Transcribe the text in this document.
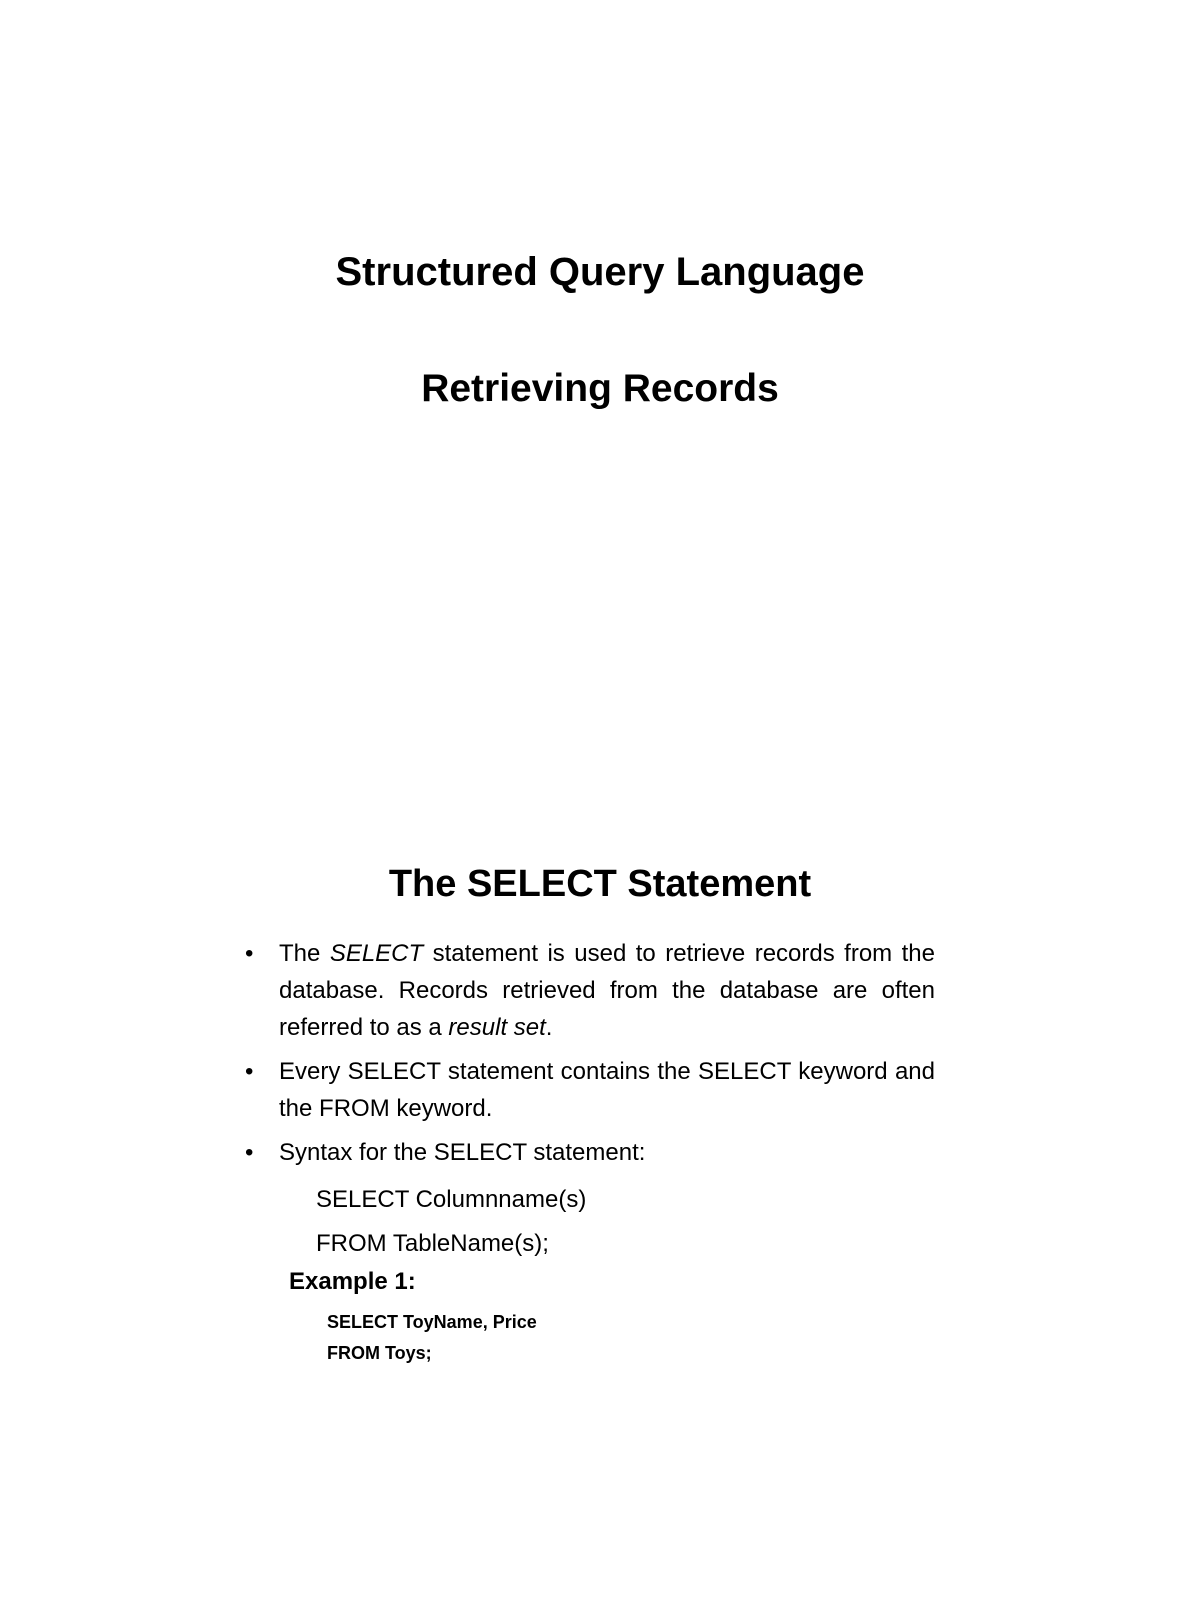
Structured Query Language
Retrieving Records
The SELECT Statement
• The SELECT statement is used to retrieve records from the database. Records retrieved from the database are often referred to as a result set.
• Every SELECT statement contains the SELECT keyword and the FROM keyword.
• Syntax for the SELECT statement:
SELECT Columnname(s)
FROM TableName(s);
Example 1:
SELECT ToyName, Price
FROM Toys;
